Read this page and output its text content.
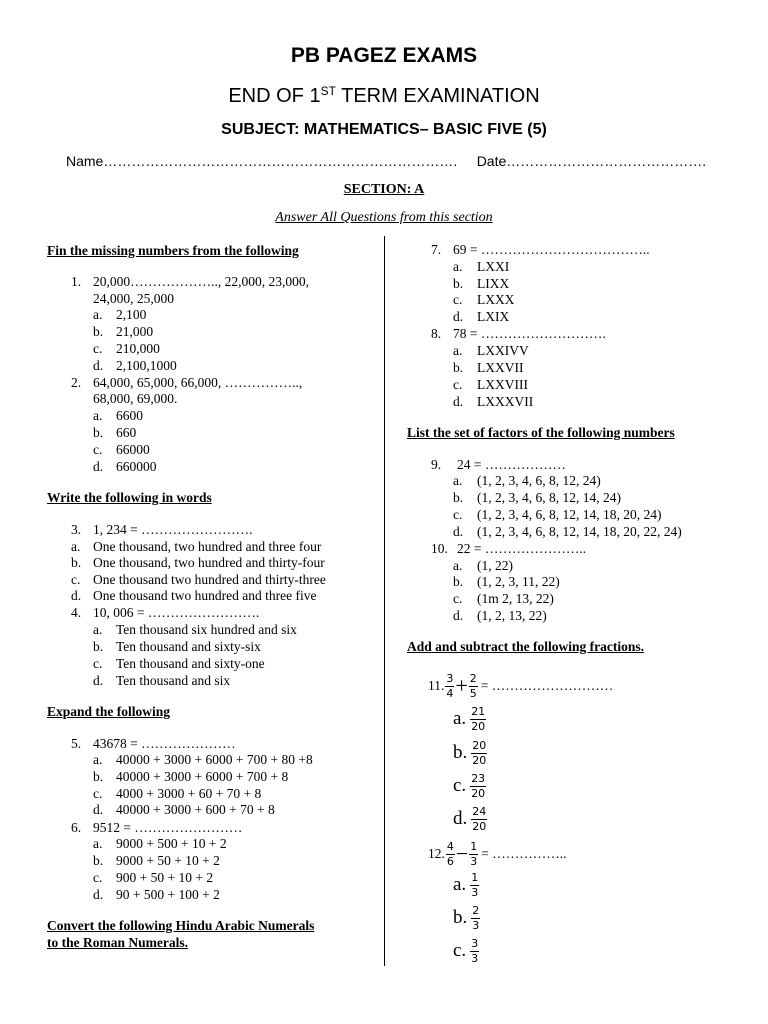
PB PAGEZ EXAMS
END OF 1ST TERM EXAMINATION
SUBJECT: MATHEMATICS– BASIC FIVE (5)
Name…………………………………………………………………. Date…………………………………….
SECTION: A
Answer All Questions from this section
Fin the missing numbers from the following
1. 20,000……………….., 22,000, 23,000,
24,000, 25,000
a. 2,100
b. 21,000
c. 210,000
d. 2,100,1000
2. 64,000, 65,000, 66,000, ……………..,
68,000, 69,000.
a. 6600
b. 660
c. 66000
d. 660000
Write the following in words
3. 1, 234 = …………………….
a. One thousand, two hundred and three four
b. One thousand, two hundred and thirty-four
c. One thousand two hundred and thirty-three
d. One thousand two hundred and three five
4. 10, 006 = …………………….
a. Ten thousand six hundred and six
b. Ten thousand and sixty-six
c. Ten thousand and sixty-one
d. Ten thousand and six
Expand the following
5. 43678 = …………………
a. 40000 + 3000 + 6000 + 700 + 80 +8
b. 40000 + 3000 + 6000 + 700 + 8
c. 4000 + 3000 + 60 + 70 + 8
d. 40000 + 3000 + 600 + 70 + 8
6. 9512 = ……………………
a. 9000 + 500 + 10 + 2
b. 9000 + 50 + 10 + 2
c. 900 + 50 + 10 + 2
d. 90 + 500 + 100 + 2
Convert the following Hindu Arabic Numerals
to the Roman Numerals.
7. 69 = ………………………………..
a. LXXI
b. LIXX
c. LXXX
d. LXIX
8. 78 = ……………………….
a. LXXIVV
b. LXXVII
c. LXXVIII
d. LXXXVII
List the set of factors of the following numbers
9. 24 = ………………
a. (1, 2, 3, 4, 6, 8, 12, 24)
b. (1, 2, 3, 4, 6, 8, 12, 14, 24)
c. (1, 2, 3, 4, 6, 8, 12, 14, 18, 20, 24)
d. (1, 2, 3, 4, 6, 8, 12, 14, 18, 20, 22, 24)
10. 22 = …………………..
a. (1, 22)
b. (1, 2, 3, 11, 22)
c. (1m 2, 13, 22)
d. (1, 2, 13, 22)
Add and subtract the following fractions.
11. $\frac{3}{4} + \frac{2}{5}$ = ………………………
a. $\frac{21}{20}$
b. $\frac{20}{20}$
c. $\frac{23}{20}$
d. $\frac{24}{20}$
12. $\frac{4}{6} - \frac{1}{3}$ = ……………..
a. $\frac{1}{3}$
b. $\frac{2}{3}$
c. $\frac{3}{3}$
